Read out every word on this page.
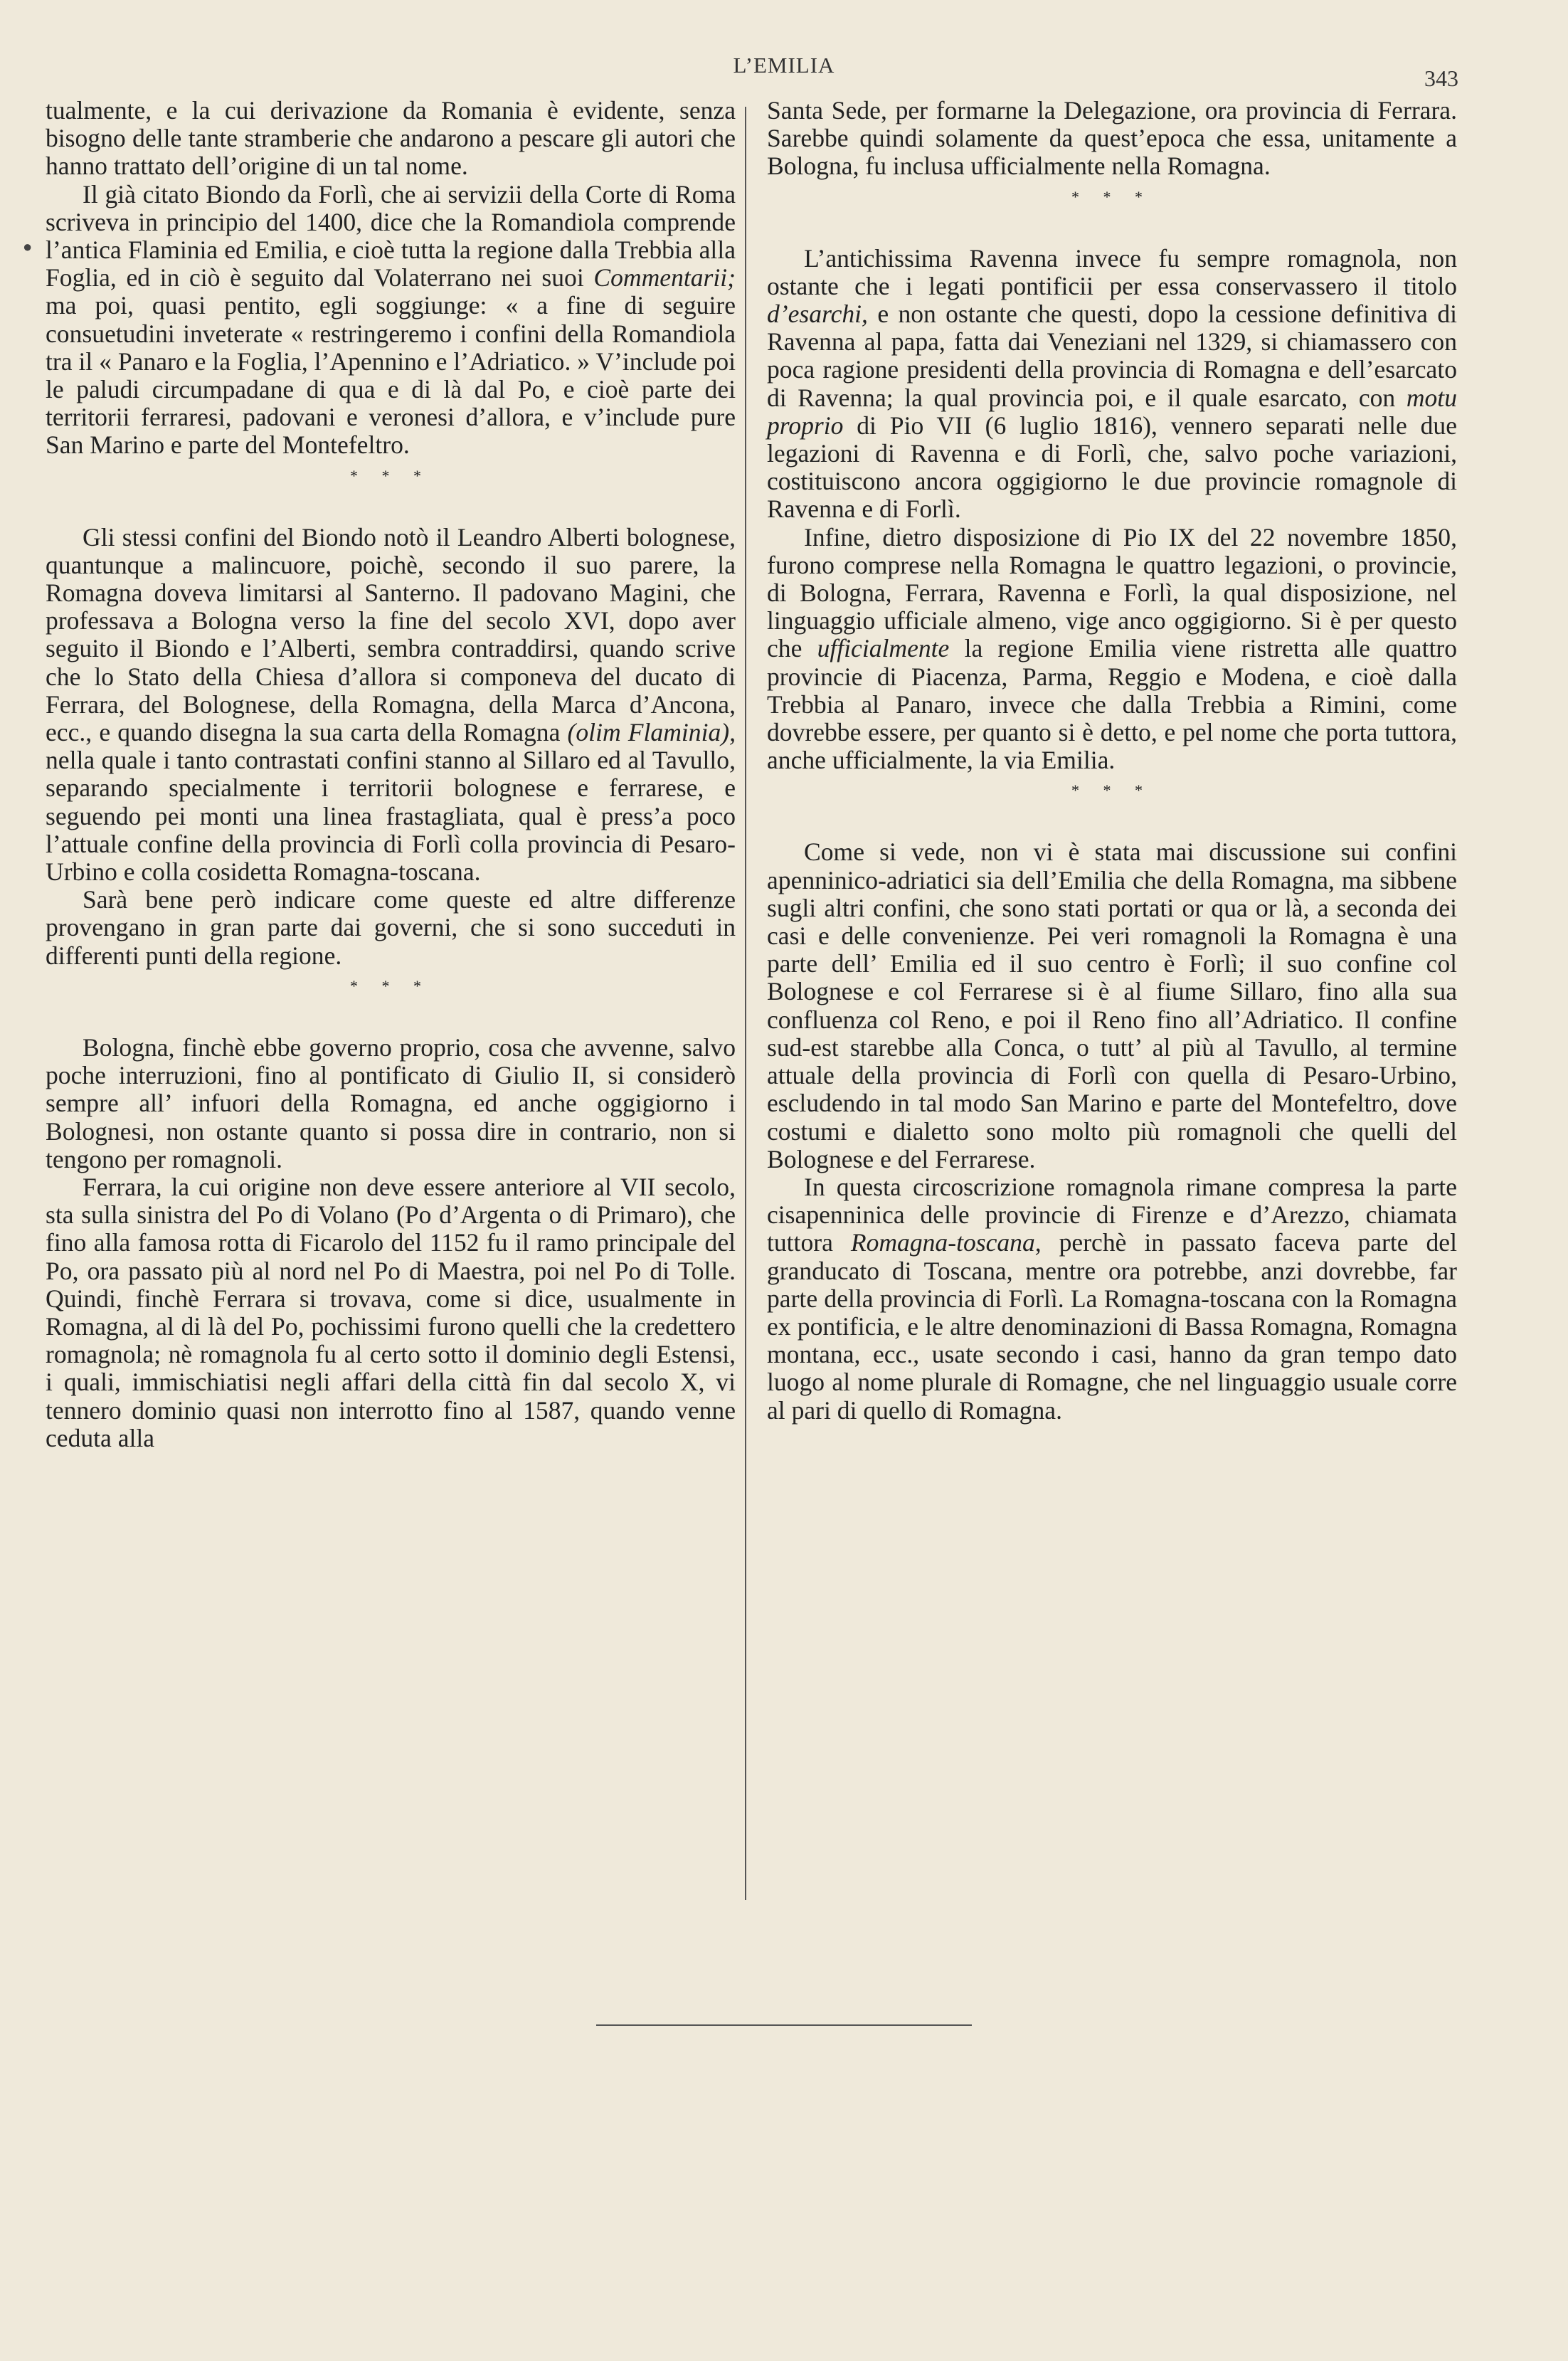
L’EMILIA
343
●

tualmente, e la cui derivazione da Romania è evidente, senza bisogno delle tante stramberie che andarono a pescare gli autori che hanno trattato dell’origine di un tal nome.

Il già citato Biondo da Forlì, che ai servizii della Corte di Roma scriveva in principio del 1400, dice che la Romandiola comprende l’antica Flaminia ed Emilia, e cioè tutta la regione dalla Trebbia alla Foglia, ed in ciò è seguito dal Volaterrano nei suoi Commentarii; ma poi, quasi pentito, egli soggiunge: « a fine di seguire consuetudini inveterate « restringeremo i confini della Romandiola tra il « Panaro e la Foglia, l’Apennino e l’Adriatico. » V’include poi le paludi circumpadane di qua e di là dal Po, e cioè parte dei territorii ferraresi, padovani e veronesi d’allora, e v’include pure San Marino e parte del Montefeltro.

* * *

Gli stessi confini del Biondo notò il Leandro Alberti bolognese, quantunque a malincuore, poichè, secondo il suo parere, la Romagna doveva limitarsi al Santerno. Il padovano Magini, che professava a Bologna verso la fine del secolo XVI, dopo aver seguito il Biondo e l’Alberti, sembra contraddirsi, quando scrive che lo Stato della Chiesa d’allora si componeva del ducato di Ferrara, del Bolognese, della Romagna, della Marca d’Ancona, ecc., e quando disegna la sua carta della Romagna (olim Flaminia), nella quale i tanto contrastati confini stanno al Sillaro ed al Tavullo, separando specialmente i territorii bolognese e ferrarese, e seguendo pei monti una linea frastagliata, qual è press’a poco l’attuale confine della provincia di Forlì colla provincia di Pesaro-Urbino e colla cosidetta Romagna-toscana.

Sarà bene però indicare come queste ed altre differenze provengano in gran parte dai governi, che si sono succeduti in differenti punti della regione.

* * *

Bologna, finchè ebbe governo proprio, cosa che avvenne, salvo poche interruzioni, fino al pontificato di Giulio II, si considerò sempre all’ infuori della Romagna, ed anche oggigiorno i Bolognesi, non ostante quanto si possa dire in contrario, non si tengono per romagnoli.

Ferrara, la cui origine non deve essere anteriore al VII secolo, sta sulla sinistra del Po di Volano (Po d’Argenta o di Primaro), che fino alla famosa rotta di Ficarolo del 1152 fu il ramo principale del Po, ora passato più al nord nel Po di Maestra, poi nel Po di Tolle. Quindi, finchè Ferrara si trovava, come si dice, usualmente in Romagna, al di là del Po, pochissimi furono quelli che la credettero romagnola; nè romagnola fu al certo sotto il dominio degli Estensi, i quali, immischiatisi negli affari della città fin dal secolo X, vi tennero dominio quasi non interrotto fino al 1587, quando venne ceduta alla

Santa Sede, per formarne la Delegazione, ora provincia di Ferrara. Sarebbe quindi solamente da quest’epoca che essa, unitamente a Bologna, fu inclusa ufficialmente nella Romagna.

* * *

L’antichissima Ravenna invece fu sempre romagnola, non ostante che i legati pontificii per essa conservassero il titolo d’esarchi, e non ostante che questi, dopo la cessione definitiva di Ravenna al papa, fatta dai Veneziani nel 1329, si chiamassero con poca ragione presidenti della provincia di Romagna e dell’esarcato di Ravenna; la qual provincia poi, e il quale esarcato, con motu proprio di Pio VII (6 luglio 1816), vennero separati nelle due legazioni di Ravenna e di Forlì, che, salvo poche variazioni, costituiscono ancora oggigiorno le due provincie romagnole di Ravenna e di Forlì.

Infine, dietro disposizione di Pio IX del 22 novembre 1850, furono comprese nella Romagna le quattro legazioni, o provincie, di Bologna, Ferrara, Ravenna e Forlì, la qual disposizione, nel linguaggio ufficiale almeno, vige anco oggigiorno. Si è per questo che ufficialmente la regione Emilia viene ristretta alle quattro provincie di Piacenza, Parma, Reggio e Modena, e cioè dalla Trebbia al Panaro, invece che dalla Trebbia a Rimini, come dovrebbe essere, per quanto si è detto, e pel nome che porta tuttora, anche ufficialmente, la via Emilia.

* * *

Come si vede, non vi è stata mai discussione sui confini apenninico-adriatici sia dell’Emilia che della Romagna, ma sibbene sugli altri confini, che sono stati portati or qua or là, a seconda dei casi e delle convenienze. Pei veri romagnoli la Romagna è una parte dell’ Emilia ed il suo centro è Forlì; il suo confine col Bolognese e col Ferrarese si è al fiume Sillaro, fino alla sua confluenza col Reno, e poi il Reno fino all’Adriatico. Il confine sud-est starebbe alla Conca, o tutt’ al più al Tavullo, al termine attuale della provincia di Forlì con quella di Pesaro-Urbino, escludendo in tal modo San Marino e parte del Montefeltro, dove costumi e dialetto sono molto più romagnoli che quelli del Bolognese e del Ferrarese.

In questa circoscrizione romagnola rimane compresa la parte cisapenninica delle provincie di Firenze e d’Arezzo, chiamata tuttora Romagna-toscana, perchè in passato faceva parte del granducato di Toscana, mentre ora potrebbe, anzi dovrebbe, far parte della provincia di Forlì. La Romagna-toscana con la Romagna ex pontificia, e le altre denominazioni di Bassa Romagna, Romagna montana, ecc., usate secondo i casi, hanno da gran tempo dato luogo al nome plurale di Romagne, che nel linguaggio usuale corre al pari di quello di Romagna.
